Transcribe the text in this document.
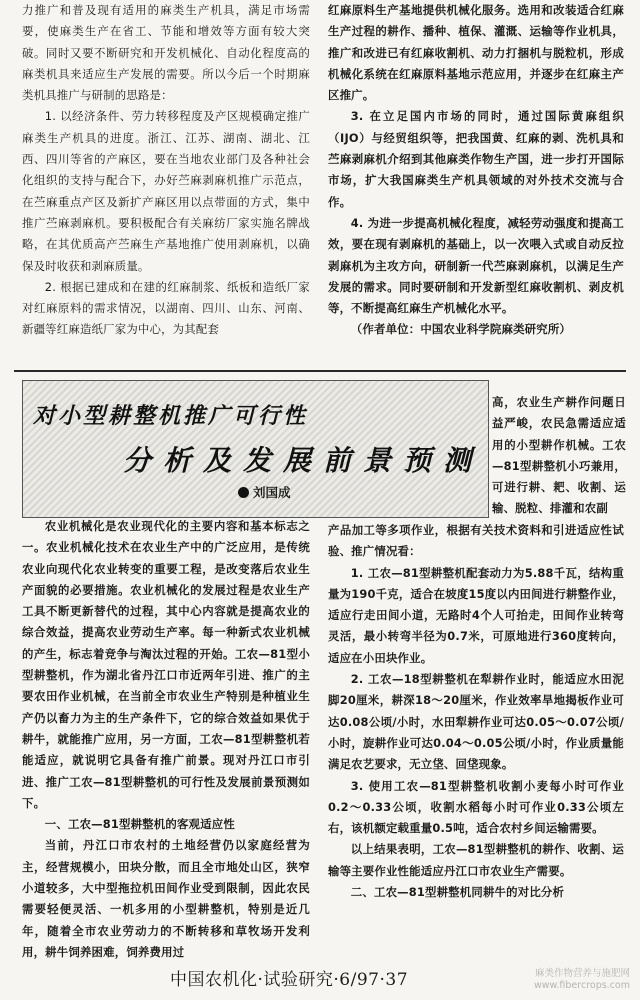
力推广和普及现有适用的麻类生产机具，满足市场需要，使麻类生产在省工、节能和增效等方面有较大突破。同时又要不断研究和开发机械化、自动化程度高的麻类机具来适应生产发展的需要。所以今后一个时期麻类机具推广与研制的思路是：

1. 以经济条件、劳力转移程度及产区规模确定推广麻类生产机具的进度。浙江、江苏、湖南、湖北、江西、四川等省的产麻区，要在当地农业部门及各种社会化组织的支持与配合下，办好苎麻剥麻机推广示范点，在苎麻重点产区及新扩产麻区用以点带面的方式，集中推广苎麻剥麻机。要积极配合有关麻纺厂家实施名牌战略，在其优质高产苎麻生产基地推广使用剥麻机，以确保及时收获和剥麻质量。

2. 根据已建成和在建的红麻制浆、纸板和造纸厂家对红麻原料的需求情况，以湖南、四川、山东、河南、新疆等红麻造纸厂家为中心，为其配套

红麻原料生产基地提供机械化服务。选用和改装适合红麻生产过程的耕作、播种、植保、灌溉、运输等作业机具，推广和改进已有红麻收割机、动力打捆机与脱粒机，形成机械化系统在红麻原料基地示范应用，并逐步在红麻主产区推广。

3. 在立足国内市场的同时，通过国际黄麻组织（IJO）与经贸组织等，把我国黄、红麻的剥、洗机具和苎麻剥麻机介绍到其他麻类作物生产国，进一步打开国际市场，扩大我国麻类生产机具领域的对外技术交流与合作。

4. 为进一步提高机械化程度，减轻劳动强度和提高工效，要在现有剥麻机的基础上，以一次喂入式或自动反拉剥麻机为主攻方向，研制新一代苎麻剥麻机，以满足生产发展的需求。同时要研制和开发新型红麻收割机、剥皮机等，不断提高红麻生产机械化水平。

（作者单位：中国农业科学院麻类研究所）

对小型耕整机推广可行性
分析及发展前景预测
刘国成

高，农业生产耕作问题日益严峻，农民急需适应适用的小型耕作机械。工农—81型耕整机小巧兼用，可进行耕、耙、收割、运输、脱粒、排灌和农副

农业机械化是农业现代化的主要内容和基本标志之一。农业机械化技术在农业生产中的广泛应用，是传统农业向现代化农业转变的重要工程，是改变落后农业生产面貌的必要措施。农业机械化的发展过程是农业生产工具不断更新替代的过程，其中心内容就是提高农业的综合效益，提高农业劳动生产率。每一种新式农业机械的产生，标志着竞争与淘汰过程的开始。工农—81型小型耕整机，作为湖北省丹江口市近两年引进、推广的主要农田作业机械，在当前全市农业生产特别是种植业生产仍以畜力为主的生产条件下，它的综合效益如果优于耕牛，就能推广应用，另一方面，工农—81型耕整机若能适应，就说明它具备有推广前景。现对丹江口市引进、推广工农—81型耕整机的可行性及发展前景预测如下。

一、工农—81型耕整机的客观适应性

当前，丹江口市农村的土地经营仍以家庭经营为主，经营规模小，田块分散，而且全市地处山区，狭窄小道较多，大中型拖拉机田间作业受到限制，因此农民需要轻便灵活、一机多用的小型耕整机，特别是近几年，随着全市农业劳动力的不断转移和草牧场开发利用，耕牛饲养困难，饲养费用过

产品加工等多项作业，根据有关技术资料和引进适应性试验、推广情况看：

1. 工农—81型耕整机配套动力为5.88千瓦，结构重量为190千克，适合在坡度15度以内田间进行耕整作业，适应行走田间小道，无路时4个人可抬走，田间作业转弯灵活，最小转弯半径为0.7米，可原地进行360度转向，适应在小田块作业。

2. 工农—18型耕整机在犁耕作业时，能适应水田泥脚20厘米，耕深18～20厘米，作业效率旱地揭板作业可达0.08公顷/小时，水田犁耕作业可达0.05～0.07公顷/小时，旋耕作业可达0.04～0.05公顷/小时，作业质量能满足农艺要求，无立垡、回垡现象。

3. 使用工农—81型耕整机收割小麦每小时可作业0.2～0.33公顷，收割水稻每小时可作业0.33公顷左右，该机额定载重量0.5吨，适合农村乡间运输需要。

以上结果表明，工农—81型耕整机的耕作、收割、运输等主要作业性能适应丹江口市农业生产需要。

二、工农—81型耕整机同耕牛的对比分析
中国农机化·试验研究·6/97·37	麻类作物营养与施肥网
www.fibercrops.com
